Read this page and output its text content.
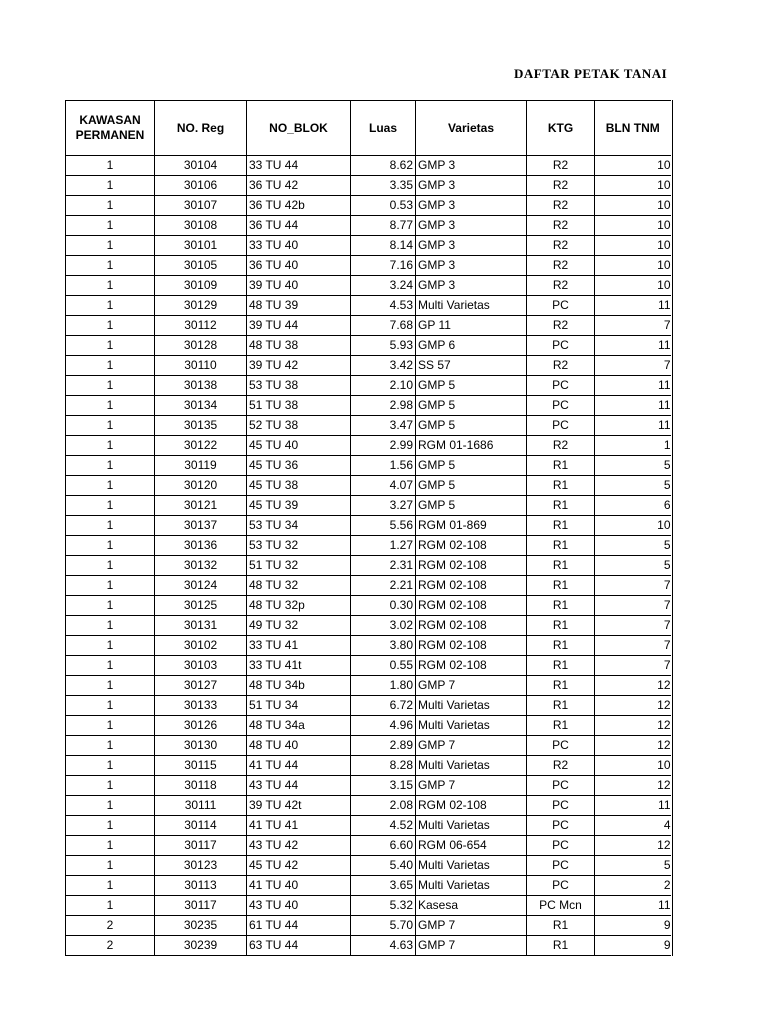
DAFTAR PETAK TANAI
KAWASAN PERMANEN	NO. Reg	NO_BLOK	Luas	Varietas	KTG	BLN TNM
1	30104	33 TU 44	8.62	GMP 3	R2	10
1	30106	36 TU 42	3.35	GMP 3	R2	10
1	30107	36 TU 42b	0.53	GMP 3	R2	10
1	30108	36 TU 44	8.77	GMP 3	R2	10
1	30101	33 TU 40	8.14	GMP 3	R2	10
1	30105	36 TU 40	7.16	GMP 3	R2	10
1	30109	39 TU 40	3.24	GMP 3	R2	10
1	30129	48 TU 39	4.53	Multi Varietas	PC	11
1	30112	39 TU 44	7.68	GP 11	R2	7
1	30128	48 TU 38	5.93	GMP 6	PC	11
1	30110	39 TU 42	3.42	SS 57	R2	7
1	30138	53 TU 38	2.10	GMP 5	PC	11
1	30134	51 TU 38	2.98	GMP 5	PC	11
1	30135	52 TU 38	3.47	GMP 5	PC	11
1	30122	45 TU 40	2.99	RGM 01-1686	R2	1
1	30119	45 TU 36	1.56	GMP 5	R1	5
1	30120	45 TU 38	4.07	GMP 5	R1	5
1	30121	45 TU 39	3.27	GMP 5	R1	6
1	30137	53 TU 34	5.56	RGM 01-869	R1	10
1	30136	53 TU 32	1.27	RGM 02-108	R1	5
1	30132	51 TU 32	2.31	RGM 02-108	R1	5
1	30124	48 TU 32	2.21	RGM 02-108	R1	7
1	30125	48 TU 32p	0.30	RGM 02-108	R1	7
1	30131	49 TU 32	3.02	RGM 02-108	R1	7
1	30102	33 TU 41	3.80	RGM 02-108	R1	7
1	30103	33 TU 41t	0.55	RGM 02-108	R1	7
1	30127	48 TU 34b	1.80	GMP 7	R1	12
1	30133	51 TU 34	6.72	Multi Varietas	R1	12
1	30126	48 TU 34a	4.96	Multi Varietas	R1	12
1	30130	48 TU 40	2.89	GMP 7	PC	12
1	30115	41 TU 44	8.28	Multi Varietas	R2	10
1	30118	43 TU 44	3.15	GMP 7	PC	12
1	30111	39 TU 42t	2.08	RGM 02-108	PC	11
1	30114	41 TU 41	4.52	Multi Varietas	PC	4
1	30117	43 TU 42	6.60	RGM 06-654	PC	12
1	30123	45 TU 42	5.40	Multi Varietas	PC	5
1	30113	41 TU 40	3.65	Multi Varietas	PC	2
1	30117	43 TU 40	5.32	Kasesa	PC Mcn	11
2	30235	61 TU 44	5.70	GMP 7	R1	9
2	30239	63 TU 44	4.63	GMP 7	R1	9
